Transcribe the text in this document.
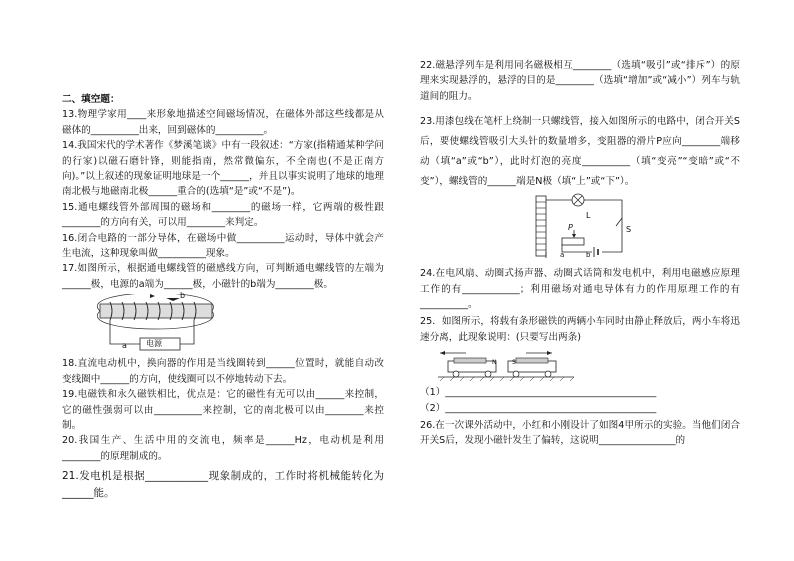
二、填空题：

13.物理学家用____来形象地描述空间磁场情况，在磁体外部这些线都是从磁体的__________出来，回到磁体的__________。

14.我国宋代的学术著作《梦溪笔谈》中有一段叙述：“方家(指精通某种学问的行家)以磁石磨针锋，则能指南，然常微偏东，不全南也(不是正南方向)。”以上叙述的现象证明地球是一个______，并且以事实说明了地球的地理南北极与地磁南北极______重合的(选填“是”或“不是”)。

15.通电螺线管外部周围的磁场和________的磁场一样，它两端的极性跟________的方向有关，可以用________来判定。

16.闭合电路的一部分导体，在磁场中做__________运动时，导体中就会产生电流，这种现象叫做__________现象。

17.如图所示，根据通电螺线管的磁感线方向，可判断通电螺线管的左端为______极，电源的a端为______极，小磁针的b端为________极。

b
a 电源

18.直流电动机中，换向器的作用是当线圈转到______位置时，就能自动改变线圈中______的方向，使线圈可以不停地转动下去。

19.电磁铁和永久磁铁相比，优点是：它的磁性有无可以由______来控制，它的磁性强弱可以由__________来控制，它的南北极可以由________来控制。

20.我国生产、生活中用的交流电，频率是______Hz，电动机是利用________的原理制成的。

21.发电机是根据____________现象制成的，工作时将机械能转化为______能。

22.磁悬浮列车是利用同名磁极相互________（选填“吸引”或“排斥”）的原理来实现悬浮的，悬浮的目的是________（选填“增加”或“减小”）列车与轨道间的阻力。

23.用漆包线在笔杆上绕制一只螺线管，接入如图所示的电路中，闭合开关S后，要使螺线管吸引大头针的数量增多，变阻器的滑片P应向________端移动（填“a”或“b”），此时灯泡的亮度__________（填“变亮”“变暗”或“不变”），螺线管的______端是N极（填“上”或“下”）。

L
S
P
a	b

24.在电风扇、动圈式扬声器、动圈式话筒和发电机中，利用电磁感应原理工作的有____________；利用磁场对通电导体有力的作用原理工作的有__________。

25．如图所示，将载有条形磁铁的两辆小车同时由静止释放后，两小车将迅速分离，此现象说明：(只要写出两条)

N	S

（1）____________________________________________

（2）____________________________________________

26.在一次课外活动中，小红和小刚设计了如图4甲所示的实验。当他们闭合开关S后，发现小磁针发生了偏转，这说明________________的
